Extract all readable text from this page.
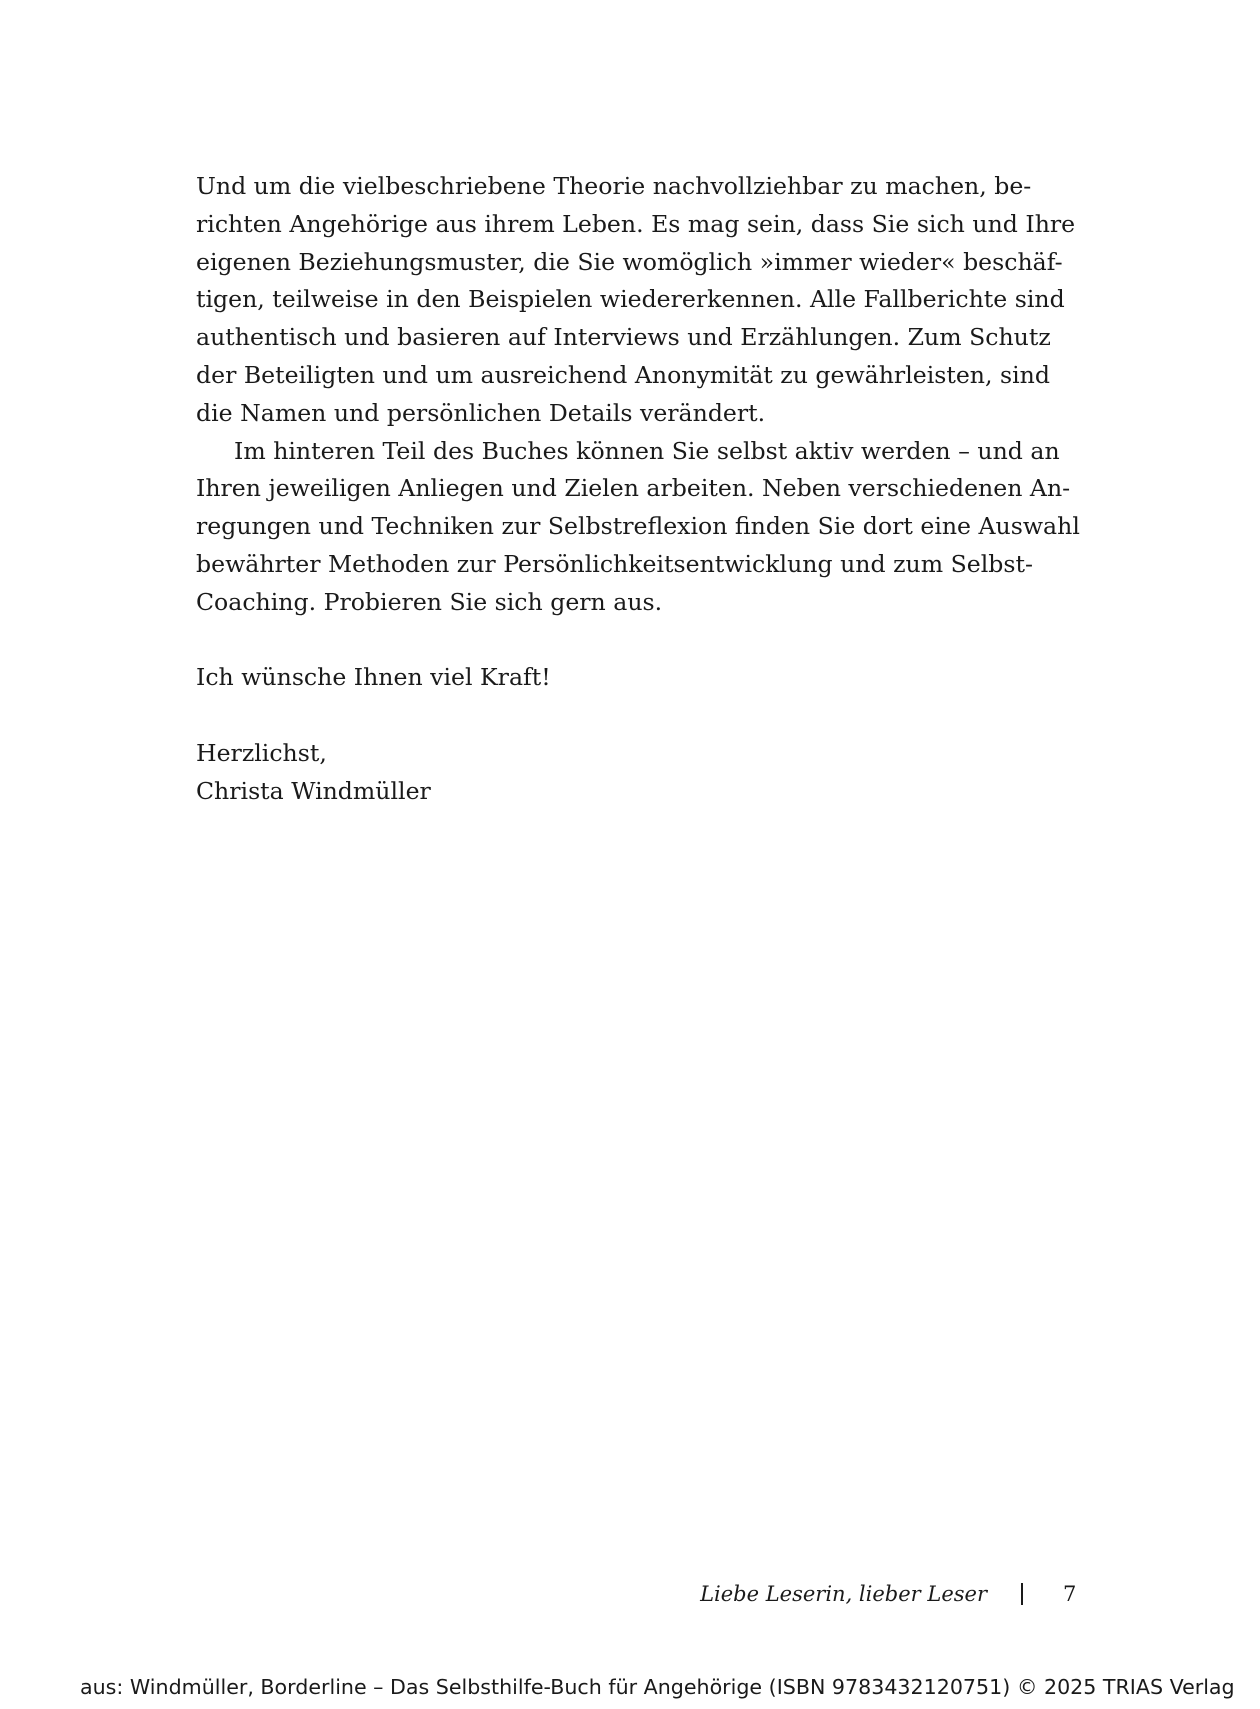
Und um die vielbeschriebene Theorie nachvollziehbar zu machen, be-
richten Angehörige aus ihrem Leben. Es mag sein, dass Sie sich und Ihre
eigenen Beziehungsmuster, die Sie womöglich »immer wieder« beschäf-
tigen, teilweise in den Beispielen wiedererkennen. Alle Fallberichte sind
authentisch und basieren auf Interviews und Erzählungen. Zum Schutz
der Beteiligten und um ausreichend Anonymität zu gewährleisten, sind
die Namen und persönlichen Details verändert.
Im hinteren Teil des Buches können Sie selbst aktiv werden – und an
Ihren jeweiligen Anliegen und Zielen arbeiten. Neben verschiedenen An-
regungen und Techniken zur Selbstreflexion finden Sie dort eine Auswahl
bewährter Methoden zur Persönlichkeitsentwicklung und zum Selbst-
Coaching. Probieren Sie sich gern aus.
Ich wünsche Ihnen viel Kraft!
Herzlichst,
Christa Windmüller
Liebe Leserin, lieber Leser	7
aus: Windmüller, Borderline – Das Selbsthilfe-Buch für Angehörige (ISBN 9783432120751) © 2025 TRIAS Verlag
